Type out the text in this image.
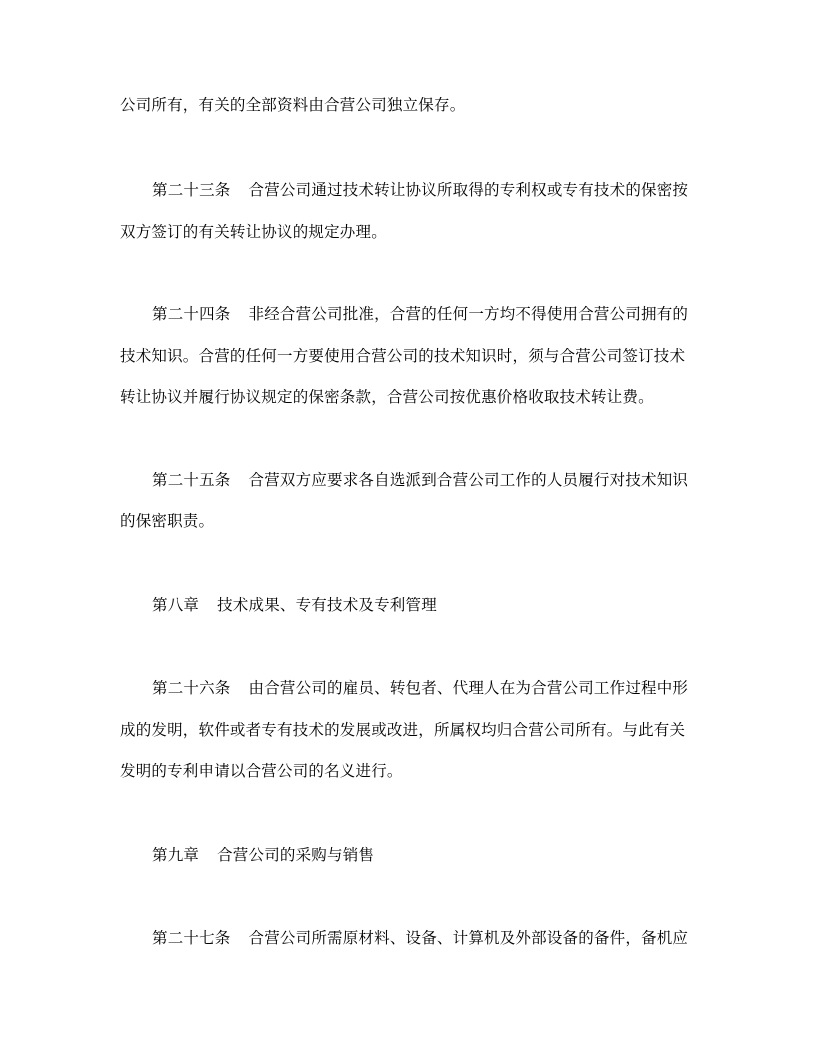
公司所有，有关的全部资料由合营公司独立保存。
第二十三条 合营公司通过技术转让协议所取得的专利权或专有技术的保密按
双方签订的有关转让协议的规定办理。
第二十四条 非经合营公司批准，合营的任何一方均不得使用合营公司拥有的
技术知识。合营的任何一方要使用合营公司的技术知识时，须与合营公司签订技术
转让协议并履行协议规定的保密条款，合营公司按优惠价格收取技术转让费。
第二十五条 合营双方应要求各自选派到合营公司工作的人员履行对技术知识
的保密职责。
第八章 技术成果、专有技术及专利管理
第二十六条 由合营公司的雇员、转包者、代理人在为合营公司工作过程中形
成的发明，软件或者专有技术的发展或改进，所属权均归合营公司所有。与此有关
发明的专利申请以合营公司的名义进行。
第九章 合营公司的采购与销售
第二十七条 合营公司所需原材料、设备、计算机及外部设备的备件，备机应
